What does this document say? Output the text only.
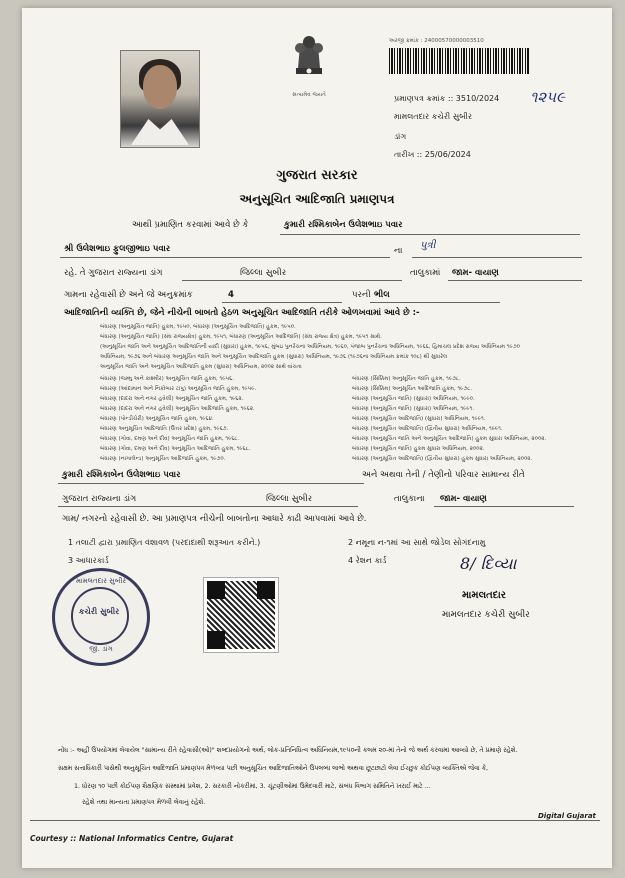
સત્યમેવ જયતે
અરજી ક્રમાંક : 24000570000003510
પ્રમાણપત્ર ક્રમાંક :: 3510/2024 ૧૨૫૯
મામલતદાર કચેરી સુબીર
ડાંગ
તારીખ :: 25/06/2024
ગુજરાત સરકાર
અનુસૂચિત આદિજાતિ પ્રમાણપત્ર
આથી પ્રમાણિત કરવામાં આવે છે કે	કુમારી રશ્મિકાબેન ઉલેશભાઇ પવાર
શ્રી ઉલેશભાઇ ફુલજીભાઇ પવાર	ના પુત્રી
રહે. તે ગુજરાત રાજ્યના ડાંગ	જિલ્લા સુબીર	તાલુકામાં જામ- વાયાણ
ગામના રહેવાસી છે અને જે અનુક્રમાંક	4	પરની ભીલ
આદિજાતિની વ્યક્તિ છે, જેને નીચેની બાબતો હેઠળ અનુસૂચિત આદિજાતિ તરીકે ઓળખવામાં આવે છે :-
બંધારણ (અનુસૂચિત જાતિ) હુકમ, ૧૯૫૦, બંધારણ (અનુસૂચિત આદિજાતિ) હુકમ, ૧૯૫૦.
બંધારણ (અનુસૂચિત જાતિ) (સંઘ રાજ્યક્ષેત્ર) હુકમ, ૧૯૫૧, બંધારણ (અનુસૂચિત આદિજાતિ) (સંઘ રાજ્ય ક્ષેત્ર) હુકમ, ૧૯૫૧ સાથે.
(અનુસૂચિત જાતિ અને અનુસૂચિત આદિજાતિની યાદી (સુધારા) હુકમ, ૧૯૫૬, મુંબઇ પુનર્રચના અધિનિયમ, ૧૯૬૦, પંજાબ પુનર્રચના અધિનિયમ, ૧૯૬૬, હિમાચલ પ્રદેશ રાજ્ય અધિનિયમ ૧૯૭૦
અધિનિયમ, ૧૯૭૬ અને બંધારણ અનુસૂચિત જાતિ અને અનુસૂચિત આદિજાતિ હુકમ (સુધારા) અધિનિયમ, ૧૯૭૬ (૧૯૭૬ના અધિનિયમ ક્રમાંક ૧૦૮) થી સુધારેલ
અનુસૂચિત જાતિ અને અનુસૂચિત આદિજાતિ હુકમ (સુધારા) અધિનિયમ, ૨૦૦૨ સાથે વાંચતા
બંધારણ (જમ્મુ અને કાશ્મીર) અનુસૂચિત જાતિ હુકમ, ૧૯૫૬.
બંધારણ (આંદામાન અને નિકોબાર ટાપુ) અનુસૂચિત જાતિ હુકમ, ૧૯૫૯.
બંધારણ (દાદરા અને નગર હવેલી) અનુસૂચિત જાતિ હુકમ, ૧૯૬૨.
બંધારણ (દાદરા અને નગર હવેલી) અનુસૂચિત આદિજાતિ હુકમ, ૧૯૬૨.
બંધારણ (પોન્ડીચેરી) અનુસૂચિત જાતિ હુકમ, ૧૯૬૪.
બંધારણ અનુસૂચિત આદિજાતિ (ઉત્તર પ્રદેશ) હુકમ, ૧૯૬૭.
બંધારણ (ગોવા, દમણ અને દીવ) અનુસૂચિત જાતિ હુકમ, ૧૯૬૮.
બંધારણ (ગોવા, દમણ અને દીવ) અનુસૂચિત આદિજાતિ હુકમ, ૧૯૬૮.
બંધારણ (નાગાલેન્ડ) અનુસૂચિત આદિજાતિ હુકમ, ૧૯૭૦.
બંધારણ (સિક્કિમ) અનુસૂચિત જાતિ હુકમ, ૧૯૭૮.
બંધારણ (સિક્કિમ) અનુસૂચિત આદિજાતિ હુકમ, ૧૯૭૮.
બંધારણ (અનુસૂચિત જાતિ) (સુધારા) અધિનિયમ, ૧૯૯૦.
બંધારણ (અનુસૂચિત જાતિ) (સુધારા) અધિનિયમ, ૧૯૯૧.
બંધારણ (અનુસૂચિત આદિજાતિ) (સુધારા) અધિનિયમ, ૧૯૯૧.
બંધારણ (અનુસૂચિત આદિજાતિ) (દ્વિતીય સુધારા) અધિનિયમ, ૧૯૯૧.
બંધારણ (અનુસૂચિત જાતિ અને અનુસૂચિત આદિજાતિ) હુકમ સુધારા અધિનિયમ, ૨૦૦૨.
બંધારણ (અનુસૂચિત જાતિ) હુકમ સુધારા અધિનિયમ, ૨૦૦૨.
બંધારણ (અનુસૂચિત આદિજાતિ) (દ્વિતીય સુધારા) હુકમ સુધારા અધિનિયમ, ૨૦૦૨.
કુમારી રશ્મિકાબેન ઉલેશભાઇ પવાર	અને અથવા તેની / તેણીનો પરિવાર સામાન્ય રીતે
ગુજરાત રાજ્યના ડાંગ	જિલ્લા સુબીર	તાલુકાના જામ- વાયાણ
ગામ/ નગરનો રહેવાસી છે. આ પ્રમાણપત્ર નીચેની બાબતોના આધારે કાઢી આપવામાં આવે છે.
1 તલાટી દ્વારા પ્રમાણિત વંશાવળ (પરદાદાથી શરૂઆત કરીને.)	2 નમૂના ન-૧માં આ સાથે જોડેલ સોગંદનામુ
3 આધારકાર્ડ	4 રેશન કાર્ડ
મામલતદાર સુબીર
કચેરી સુબીર
જી. ડાંગ
8/ દિવ્યા
મામલતદાર
મામલતદાર કચેરી સુબીર
નોંધ :- અહીં ઉપયોગમાં લેવાયેલ "સામાન્ય રીતે રહેવાસી(ઓ)" શબ્દપ્રયોગનો અર્થ, લોક-પ્રતિનિધિત્વ અધિનિયમ,૧૯૫૦ની કલમ ૨૦-માં તેનો જે અર્થ કરવામાં આવ્યો છે, તે પ્રમાણે રહેશે.
સક્ષમ સત્તાધિકારી પાસેથી અનુસૂચિત આદિજાતિ પ્રમાણપત્ર મેળવ્યા પછી અનુસૂચિત આદિજાતિઓને ઉપલબ્ધ લાભો અથવા છૂટછાટો લેવા ઈચ્છુક કોઈપણ વ્યક્તિએ જેવા કે,
1. ધોરણ ૧૦ પછી કોઈપણ શૈક્ષણિક સંસ્થામાં પ્રવેશ, 2. સરકારી નોકરીમાં, 3. ચૂંટણીઓમાં ઉમેદવારી માટે, સંબંધ વિભાગ સમિતિને ખરાઈ માટે ...
રહેશે તથા માન્યતા પ્રમાણપત્ર મેળવી લેવાનું રહેશે.
Courtesy :: National Informatics Centre, Gujarat
Digital Gujarat
